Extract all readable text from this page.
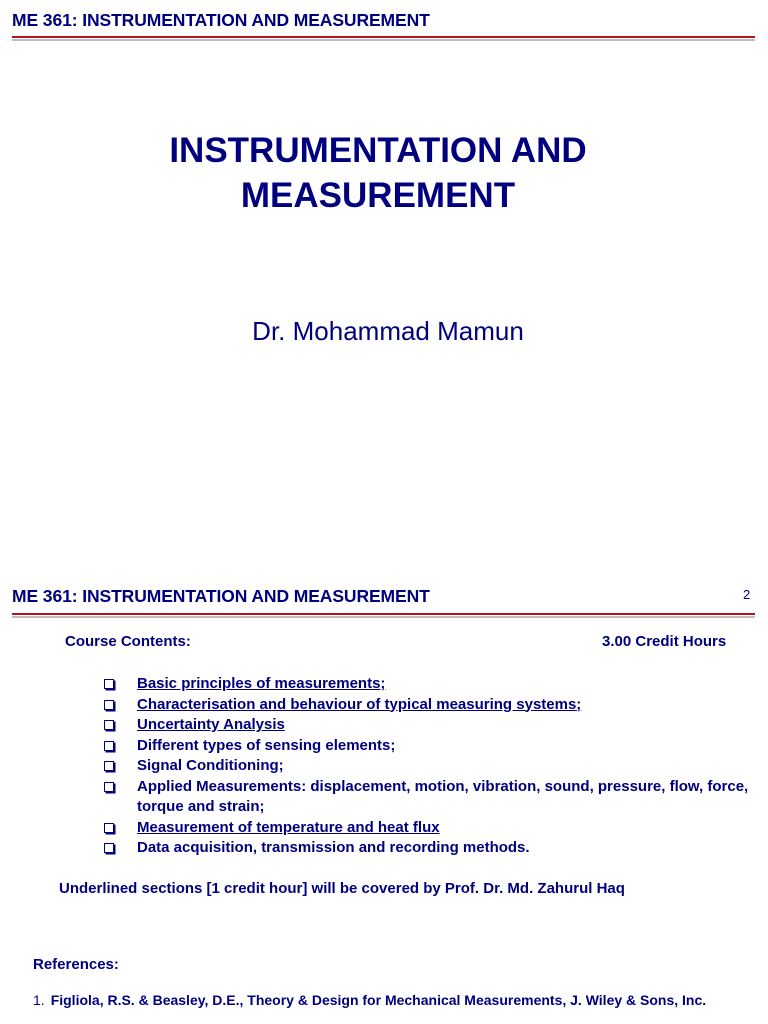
ME 361: INSTRUMENTATION AND MEASUREMENT
INSTRUMENTATION AND
MEASUREMENT
Dr. Mohammad Mamun
ME 361: INSTRUMENTATION AND MEASUREMENT	2
Course Contents:	3.00 Credit Hours
Basic principles of measurements;
Characterisation and behaviour of typical measuring systems;
Uncertainty Analysis
Different types of sensing elements;
Signal Conditioning;
Applied Measurements: displacement, motion, vibration, sound, pressure, flow, force, torque and strain;
Measurement of temperature and heat flux
Data acquisition, transmission and recording methods.
Underlined sections [1 credit hour] will be covered by Prof. Dr. Md. Zahurul Haq
References:
1. Figliola, R.S. & Beasley, D.E., Theory & Design for Mechanical Measurements, J. Wiley & Sons, Inc.
